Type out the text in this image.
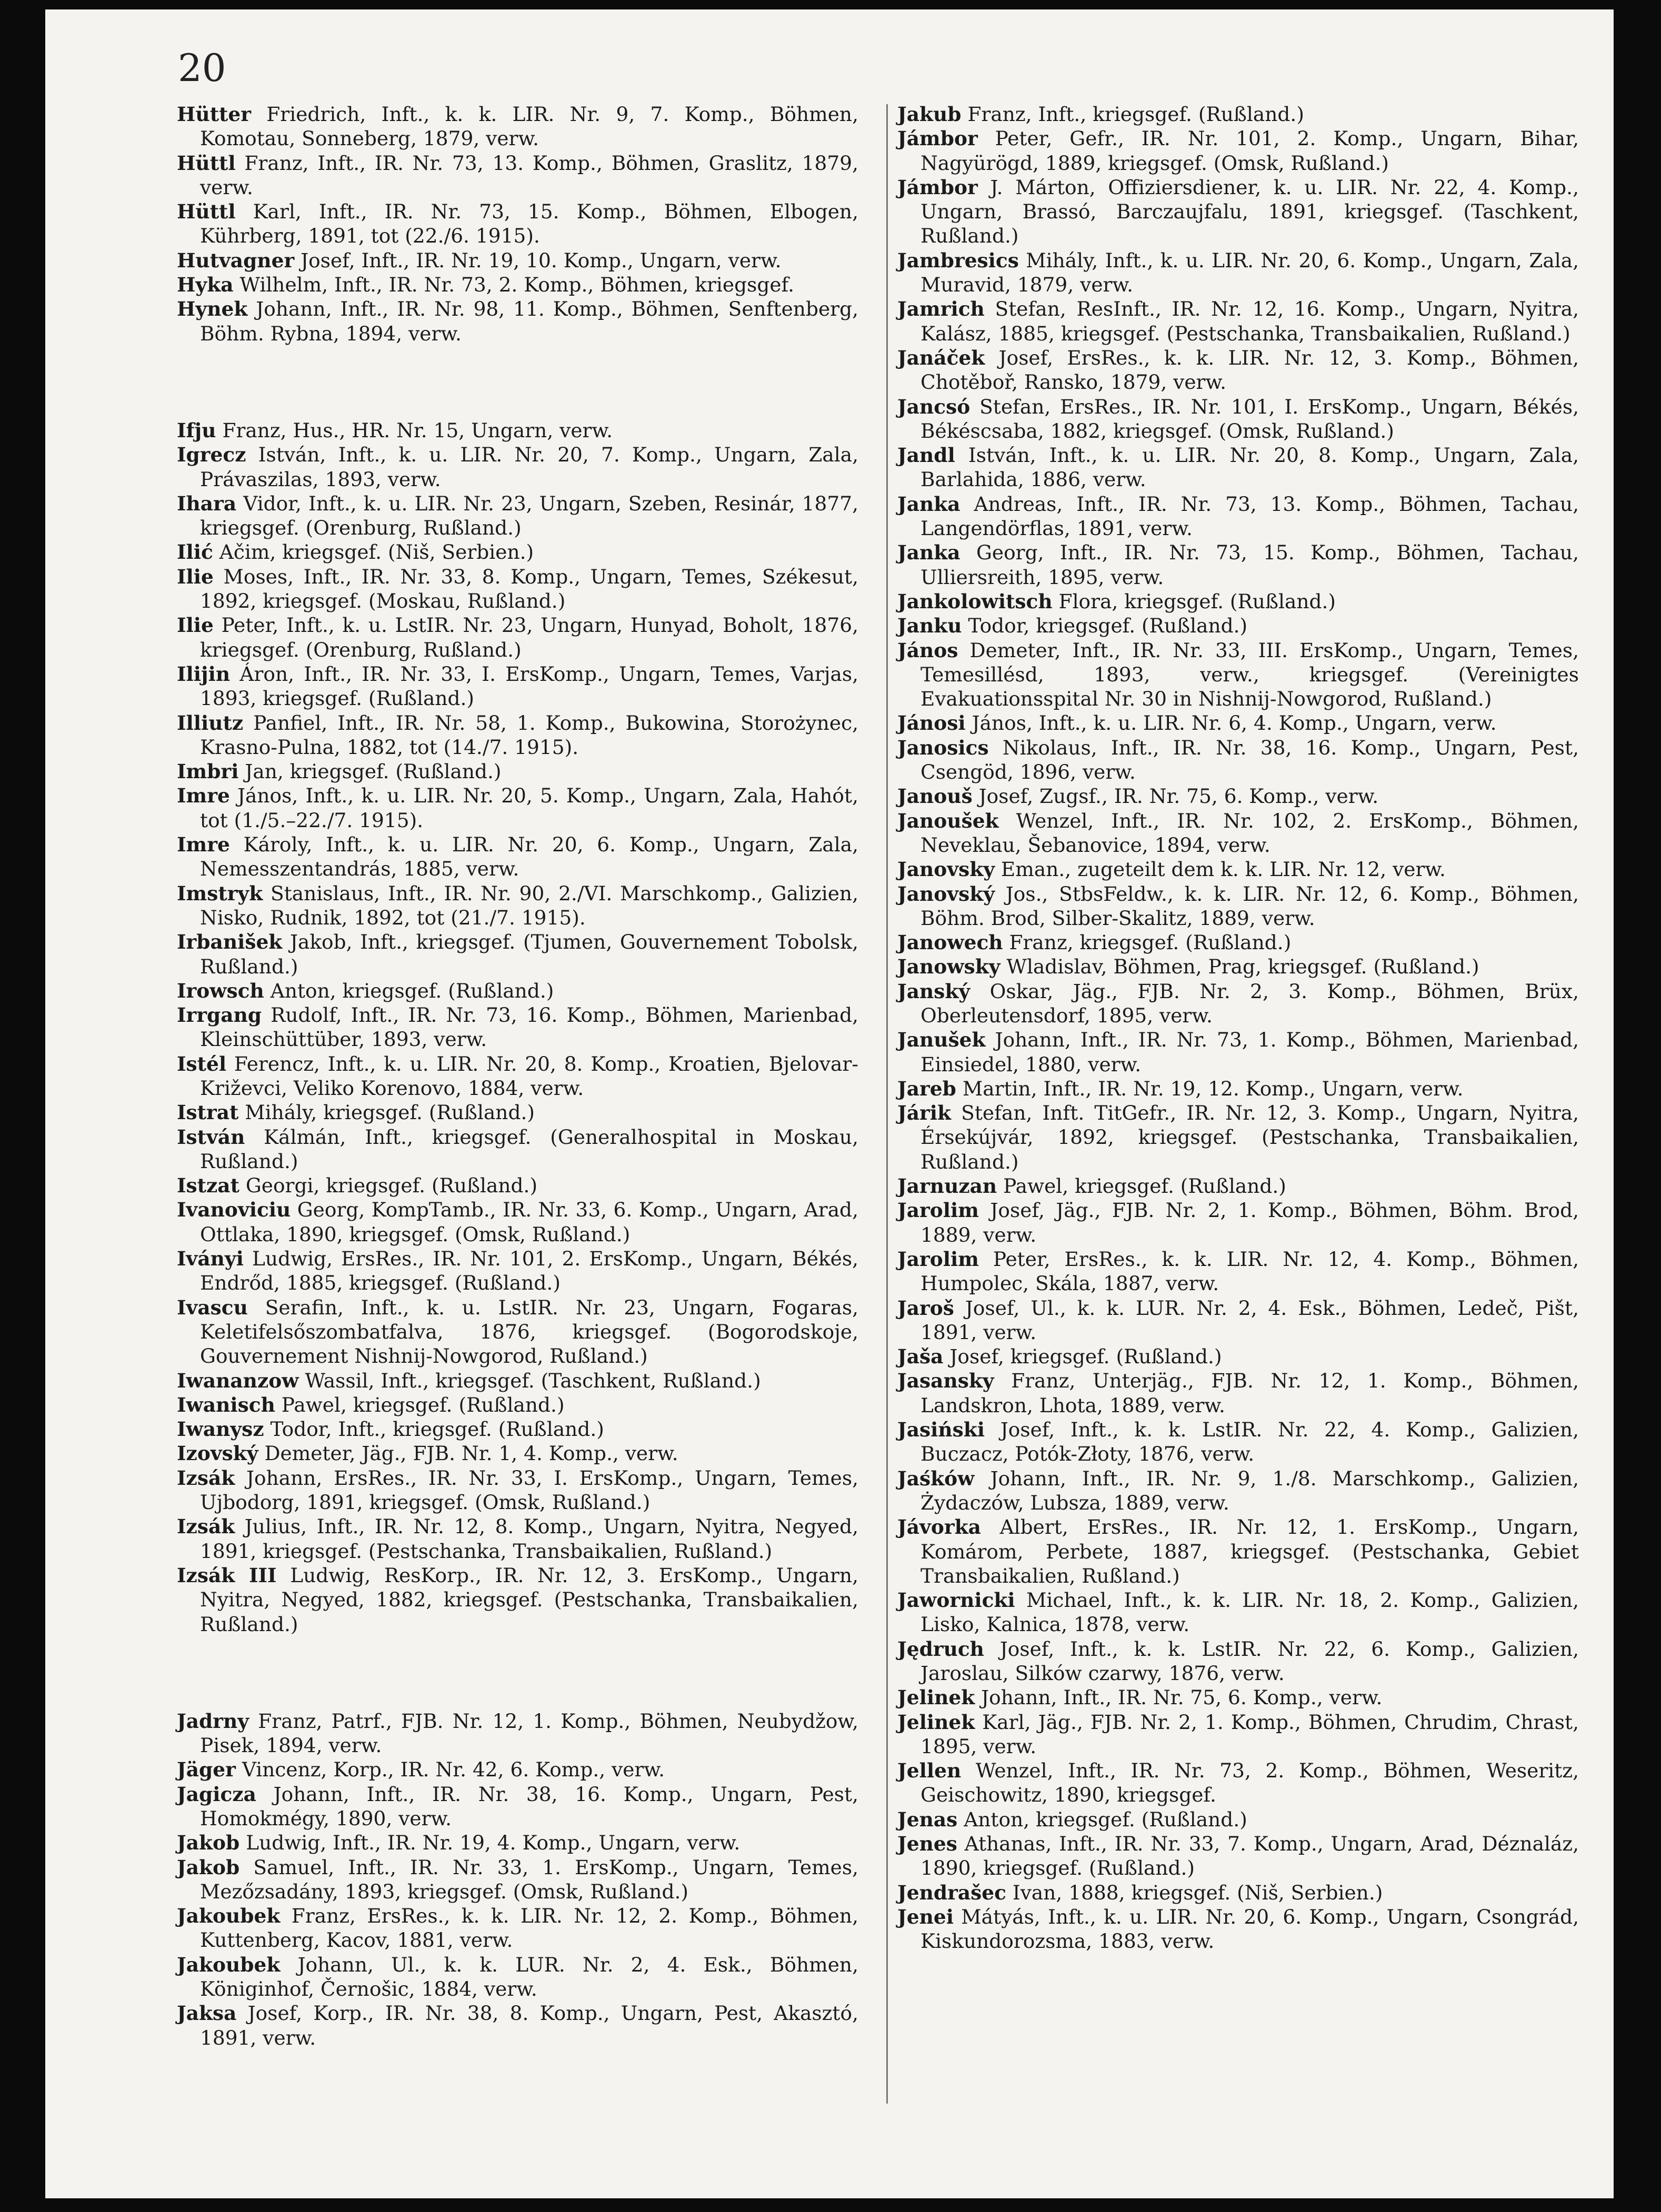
20

Hütter Friedrich, Inft., k. k. LIR. Nr. 9, 7. Komp., Böhmen, Komotau, Sonneberg, 1879, verw.

Hüttl Franz, Inft., IR. Nr. 73, 13. Komp., Böhmen, Graslitz, 1879, verw.

Hüttl Karl, Inft., IR. Nr. 73, 15. Komp., Böhmen, Elbogen, Kührberg, 1891, tot (22./6. 1915).

Hutvagner Josef, Inft., IR. Nr. 19, 10. Komp., Ungarn, verw.

Hyka Wilhelm, Inft., IR. Nr. 73, 2. Komp., Böhmen, kriegsgef.

Hynek Johann, Inft., IR. Nr. 98, 11. Komp., Böhmen, Senftenberg, Böhm. Rybna, 1894, verw.

Ifju Franz, Hus., HR. Nr. 15, Ungarn, verw.

Igrecz István, Inft., k. u. LIR. Nr. 20, 7. Komp., Ungarn, Zala, Právaszilas, 1893, verw.

Ihara Vidor, Inft., k. u. LIR. Nr. 23, Ungarn, Szeben, Resinár, 1877, kriegsgef. (Orenburg, Rußland.)

Ilić Ačim, kriegsgef. (Niš, Serbien.)

Ilie Moses, Inft., IR. Nr. 33, 8. Komp., Ungarn, Temes, Székesut, 1892, kriegsgef. (Moskau, Rußland.)

Ilie Peter, Inft., k. u. LstIR. Nr. 23, Ungarn, Hunyad, Boholt, 1876, kriegsgef. (Orenburg, Rußland.)

Ilijin Áron, Inft., IR. Nr. 33, I. ErsKomp., Ungarn, Temes, Varjas, 1893, kriegsgef. (Rußland.)

Illiutz Panfiel, Inft., IR. Nr. 58, 1. Komp., Bukowina, Storożynec, Krasno-Pulna, 1882, tot (14./7. 1915).

Imbri Jan, kriegsgef. (Rußland.)

Imre János, Inft., k. u. LIR. Nr. 20, 5. Komp., Ungarn, Zala, Hahót, tot (1./5.–22./7. 1915).

Imre Károly, Inft., k. u. LIR. Nr. 20, 6. Komp., Ungarn, Zala, Nemesszentandrás, 1885, verw.

Imstryk Stanislaus, Inft., IR. Nr. 90, 2./VI. Marschkomp., Galizien, Nisko, Rudnik, 1892, tot (21./7. 1915).

Irbanišek Jakob, Inft., kriegsgef. (Tjumen, Gouvernement Tobolsk, Rußland.)

Irowsch Anton, kriegsgef. (Rußland.)

Irrgang Rudolf, Inft., IR. Nr. 73, 16. Komp., Böhmen, Marienbad, Kleinschüttüber, 1893, verw.

Istél Ferencz, Inft., k. u. LIR. Nr. 20, 8. Komp., Kroatien, Bjelovar-Križevci, Veliko Korenovo, 1884, verw.

Istrat Mihály, kriegsgef. (Rußland.)

István Kálmán, Inft., kriegsgef. (Generalhospital in Moskau, Rußland.)

Istzat Georgi, kriegsgef. (Rußland.)

Ivanoviciu Georg, KompTamb., IR. Nr. 33, 6. Komp., Ungarn, Arad, Ottlaka, 1890, kriegsgef. (Omsk, Rußland.)

Iványi Ludwig, ErsRes., IR. Nr. 101, 2. ErsKomp., Ungarn, Békés, Endrőd, 1885, kriegsgef. (Rußland.)

Ivascu Serafin, Inft., k. u. LstIR. Nr. 23, Ungarn, Fogaras, Keletifelsőszombatfalva, 1876, kriegsgef. (Bogorodskoje, Gouvernement Nishnij-Nowgorod, Rußland.)

Iwananzow Wassil, Inft., kriegsgef. (Taschkent, Rußland.)

Iwanisch Pawel, kriegsgef. (Rußland.)

Iwanysz Todor, Inft., kriegsgef. (Rußland.)

Izovský Demeter, Jäg., FJB. Nr. 1, 4. Komp., verw.

Izsák Johann, ErsRes., IR. Nr. 33, I. ErsKomp., Ungarn, Temes, Ujbodorg, 1891, kriegsgef. (Omsk, Rußland.)

Izsák Julius, Inft., IR. Nr. 12, 8. Komp., Ungarn, Nyitra, Negyed, 1891, kriegsgef. (Pestschanka, Transbaikalien, Rußland.)

Izsák III Ludwig, ResKorp., IR. Nr. 12, 3. ErsKomp., Ungarn, Nyitra, Negyed, 1882, kriegsgef. (Pestschanka, Transbaikalien, Rußland.)

Jadrny Franz, Patrf., FJB. Nr. 12, 1. Komp., Böhmen, Neubydžow, Pisek, 1894, verw.

Jäger Vincenz, Korp., IR. Nr. 42, 6. Komp., verw.

Jagicza Johann, Inft., IR. Nr. 38, 16. Komp., Ungarn, Pest, Homokmégy, 1890, verw.

Jakob Ludwig, Inft., IR. Nr. 19, 4. Komp., Ungarn, verw.

Jakob Samuel, Inft., IR. Nr. 33, 1. ErsKomp., Ungarn, Temes, Mezőzsadány, 1893, kriegsgef. (Omsk, Rußland.)

Jakoubek Franz, ErsRes., k. k. LIR. Nr. 12, 2. Komp., Böhmen, Kuttenberg, Kacov, 1881, verw.

Jakoubek Johann, Ul., k. k. LUR. Nr. 2, 4. Esk., Böhmen, Königinhof, Černošic, 1884, verw.

Jaksa Josef, Korp., IR. Nr. 38, 8. Komp., Ungarn, Pest, Akasztó, 1891, verw.

Jakub Franz, Inft., kriegsgef. (Rußland.)

Jámbor Peter, Gefr., IR. Nr. 101, 2. Komp., Ungarn, Bihar, Nagyürögd, 1889, kriegsgef. (Omsk, Rußland.)

Jámbor J. Márton, Offiziersdiener, k. u. LIR. Nr. 22, 4. Komp., Ungarn, Brassó, Barczaujfalu, 1891, kriegsgef. (Taschkent, Rußland.)

Jambresics Mihály, Inft., k. u. LIR. Nr. 20, 6. Komp., Ungarn, Zala, Muravid, 1879, verw.

Jamrich Stefan, ResInft., IR. Nr. 12, 16. Komp., Ungarn, Nyitra, Kalász, 1885, kriegsgef. (Pestschanka, Transbaikalien, Rußland.)

Janáček Josef, ErsRes., k. k. LIR. Nr. 12, 3. Komp., Böhmen, Chotěboř, Ransko, 1879, verw.

Jancsó Stefan, ErsRes., IR. Nr. 101, I. ErsKomp., Ungarn, Békés, Békéscsaba, 1882, kriegsgef. (Omsk, Rußland.)

Jandl István, Inft., k. u. LIR. Nr. 20, 8. Komp., Ungarn, Zala, Barlahida, 1886, verw.

Janka Andreas, Inft., IR. Nr. 73, 13. Komp., Böhmen, Tachau, Langendörflas, 1891, verw.

Janka Georg, Inft., IR. Nr. 73, 15. Komp., Böhmen, Tachau, Ulliersreith, 1895, verw.

Jankolowitsch Flora, kriegsgef. (Rußland.)

Janku Todor, kriegsgef. (Rußland.)

János Demeter, Inft., IR. Nr. 33, III. ErsKomp., Ungarn, Temes, Temesillésd, 1893, verw., kriegsgef. (Vereinigtes Evakuationsspital Nr. 30 in Nishnij-Nowgorod, Rußland.)

Jánosi János, Inft., k. u. LIR. Nr. 6, 4. Komp., Ungarn, verw.

Janosics Nikolaus, Inft., IR. Nr. 38, 16. Komp., Ungarn, Pest, Csengöd, 1896, verw.

Janouš Josef, Zugsf., IR. Nr. 75, 6. Komp., verw.

Janoušek Wenzel, Inft., IR. Nr. 102, 2. ErsKomp., Böhmen, Neveklau, Šebanovice, 1894, verw.

Janovsky Eman., zugeteilt dem k. k. LIR. Nr. 12, verw.

Janovský Jos., StbsFeldw., k. k. LIR. Nr. 12, 6. Komp., Böhmen, Böhm. Brod, Silber-Skalitz, 1889, verw.

Janowech Franz, kriegsgef. (Rußland.)

Janowsky Wladislav, Böhmen, Prag, kriegsgef. (Rußland.)

Janský Oskar, Jäg., FJB. Nr. 2, 3. Komp., Böhmen, Brüx, Oberleutensdorf, 1895, verw.

Janušek Johann, Inft., IR. Nr. 73, 1. Komp., Böhmen, Marienbad, Einsiedel, 1880, verw.

Jareb Martin, Inft., IR. Nr. 19, 12. Komp., Ungarn, verw.

Járik Stefan, Inft. TitGefr., IR. Nr. 12, 3. Komp., Ungarn, Nyitra, Érsekújvár, 1892, kriegsgef. (Pestschanka, Transbaikalien, Rußland.)

Jarnuzan Pawel, kriegsgef. (Rußland.)

Jarolim Josef, Jäg., FJB. Nr. 2, 1. Komp., Böhmen, Böhm. Brod, 1889, verw.

Jarolim Peter, ErsRes., k. k. LIR. Nr. 12, 4. Komp., Böhmen, Humpolec, Skála, 1887, verw.

Jaroš Josef, Ul., k. k. LUR. Nr. 2, 4. Esk., Böhmen, Ledeč, Pišt, 1891, verw.

Jaša Josef, kriegsgef. (Rußland.)

Jasansky Franz, Unterjäg., FJB. Nr. 12, 1. Komp., Böhmen, Landskron, Lhota, 1889, verw.

Jasiński Josef, Inft., k. k. LstIR. Nr. 22, 4. Komp., Galizien, Buczacz, Potók-Złoty, 1876, verw.

Jaśków Johann, Inft., IR. Nr. 9, 1./8. Marschkomp., Galizien, Żydaczów, Lubsza, 1889, verw.

Jávorka Albert, ErsRes., IR. Nr. 12, 1. ErsKomp., Ungarn, Komárom, Perbete, 1887, kriegsgef. (Pestschanka, Gebiet Transbaikalien, Rußland.)

Jawornicki Michael, Inft., k. k. LIR. Nr. 18, 2. Komp., Galizien, Lisko, Kalnica, 1878, verw.

Jędruch Josef, Inft., k. k. LstIR. Nr. 22, 6. Komp., Galizien, Jaroslau, Silków czarwy, 1876, verw.

Jelinek Johann, Inft., IR. Nr. 75, 6. Komp., verw.

Jelinek Karl, Jäg., FJB. Nr. 2, 1. Komp., Böhmen, Chrudim, Chrast, 1895, verw.

Jellen Wenzel, Inft., IR. Nr. 73, 2. Komp., Böhmen, Weseritz, Geischowitz, 1890, kriegsgef.

Jenas Anton, kriegsgef. (Rußland.)

Jenes Athanas, Inft., IR. Nr. 33, 7. Komp., Ungarn, Arad, Déznaláz, 1890, kriegsgef. (Rußland.)

Jendrašec Ivan, 1888, kriegsgef. (Niš, Serbien.)

Jenei Mátyás, Inft., k. u. LIR. Nr. 20, 6. Komp., Ungarn, Csongrád, Kiskundorozsma, 1883, verw.
